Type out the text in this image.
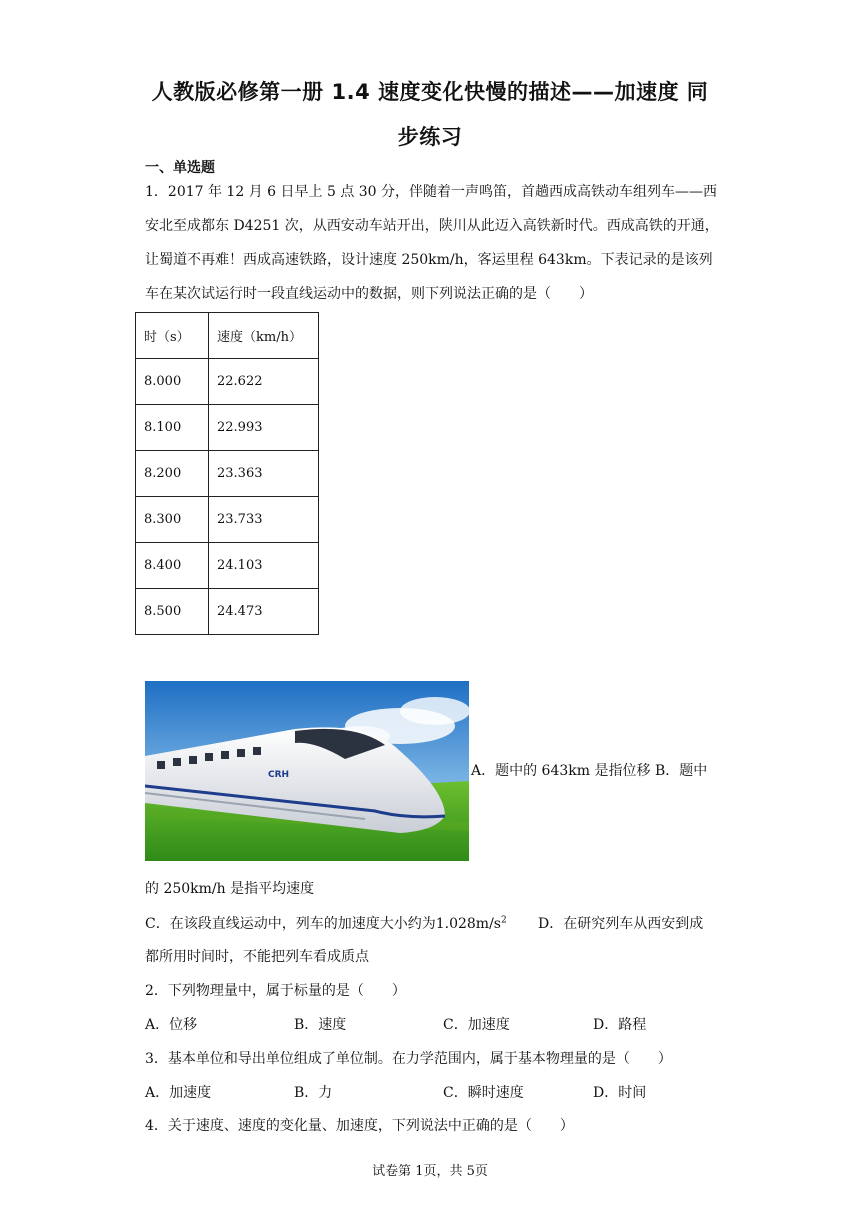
人教版必修第一册 1.4 速度变化快慢的描述——加速度 同
步练习
一、单选题
1．2017 年 12 月 6 日早上 5 点 30 分，伴随着一声鸣笛，首趟西成高铁动车组列车——西安北至成都东 D4251 次，从西安动车站开出，陕川从此迈入高铁新时代。西成高铁的开通，让蜀道不再难！西成高速铁路，设计速度 250km/h，客运里程 643km。下表记录的是该列车在某次试运行时一段直线运动中的数据，则下列说法正确的是（　　）
时（s）	速度（km/h）
8.000	22.622
8.100	22.993
8.200	23.363
8.300	23.733
8.400	24.103
8.500	24.473
CRH	A．题中的 643km 是指位移 B．题中
的 250km/h 是指平均速度
C．在该段直线运动中，列车的加速度大小约为$1.028m/s^2$ D．在研究列车从西安到成
都所用时间时，不能把列车看成质点
2．下列物理量中，属于标量的是（　　）
A．位移	B．速度	C．加速度	D．路程
3．基本单位和导出单位组成了单位制。在力学范围内，属于基本物理量的是（　　）
A．加速度	B．力	C．瞬时速度	D．时间
4．关于速度、速度的变化量、加速度，下列说法中正确的是（　　）
试卷第 1页，共 5页
